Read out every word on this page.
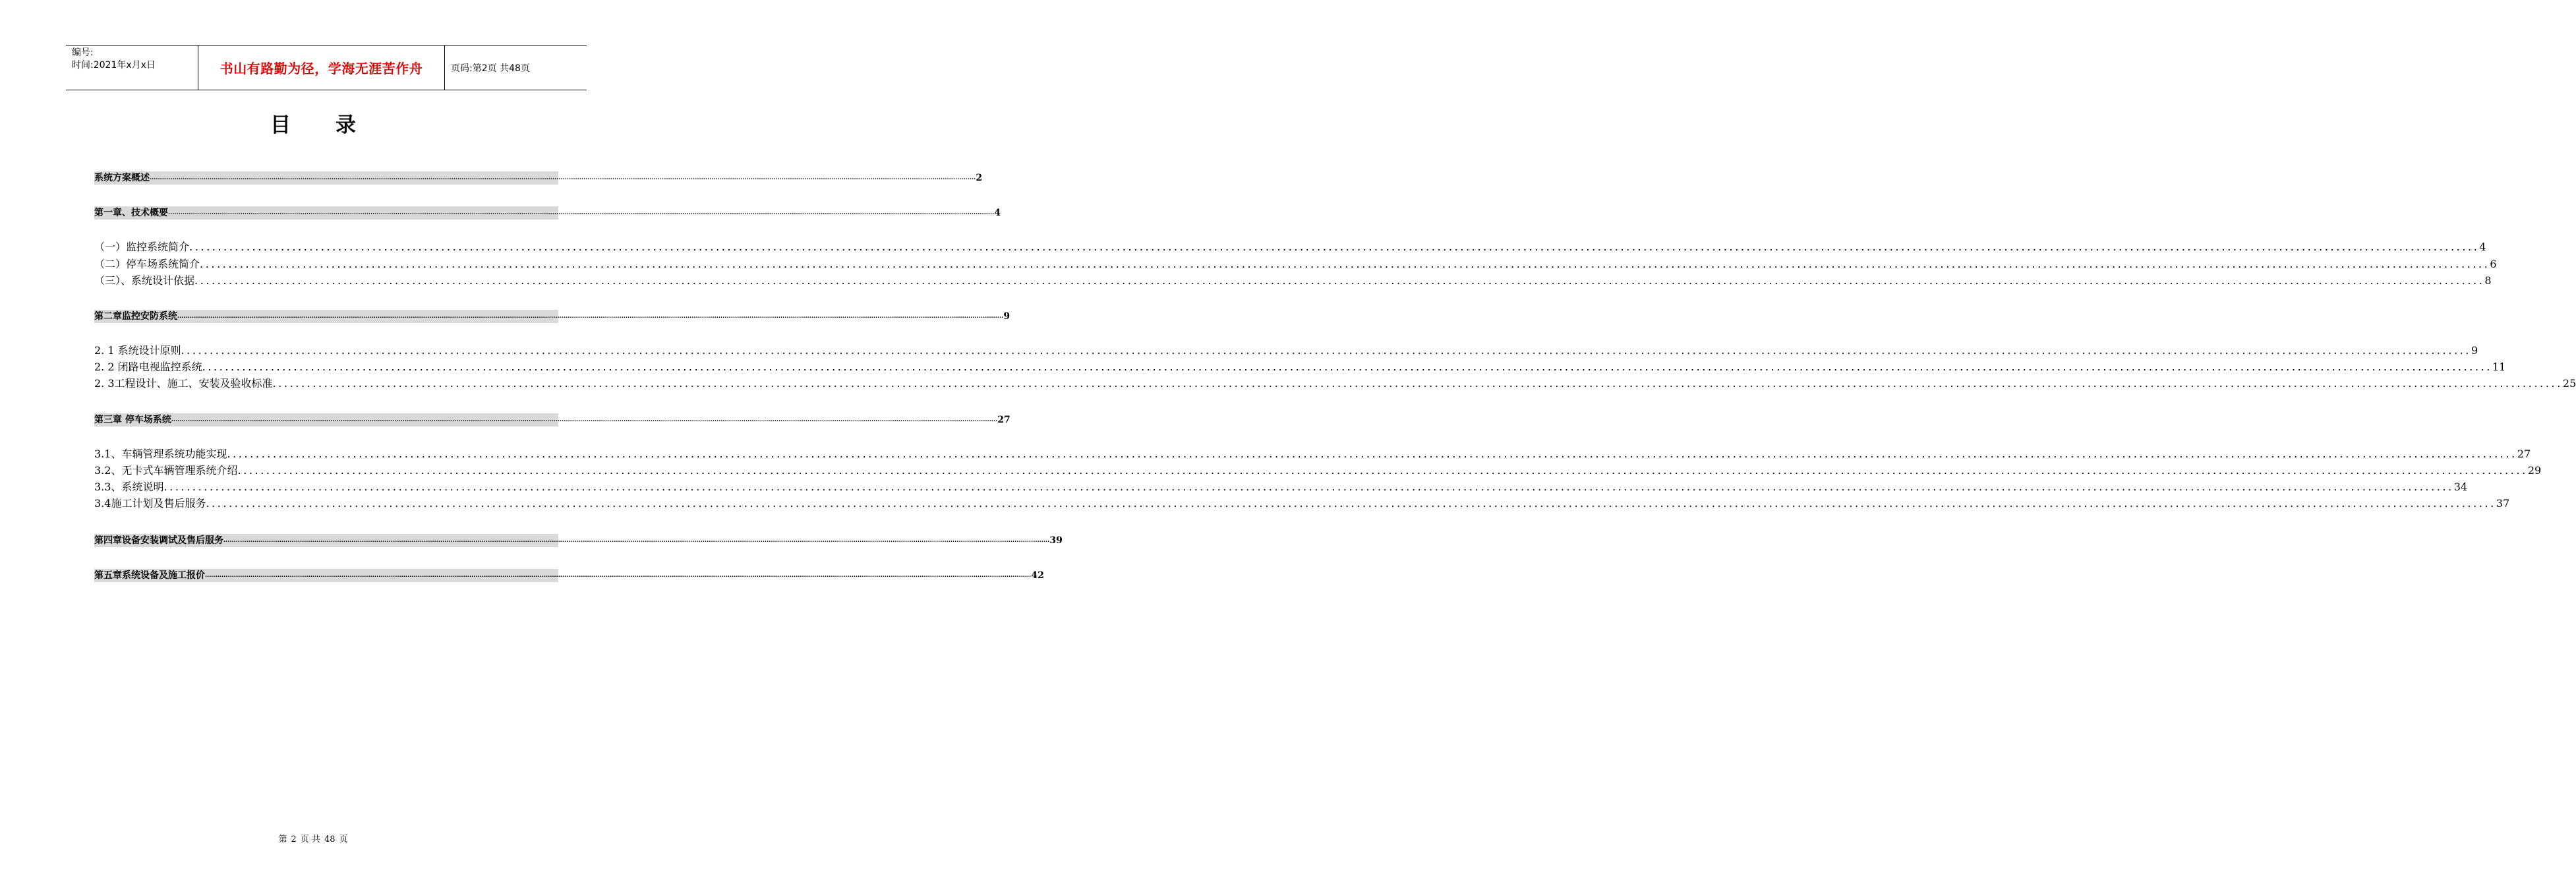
编号:
时间:2021年x月x日	书山有路勤为径，学海无涯苦作舟	页码:第2页 共48页
目录
系统方案概述 ................................................................................................................................................................................................................................................................................................................................................................................................................ 2
第一章、技术概要 ................................................................................................................................................................................................................................................................................................................................................................................................................ 4
（一）监控系统简介 ................................................................................................................................................................................................................................................................................................................................................................................................................ 4
（二）停车场系统简介 ................................................................................................................................................................................................................................................................................................................................................................................................................ 6
（三）、系统设计依据 ................................................................................................................................................................................................................................................................................................................................................................................................................ 8
第二章监控安防系统 ................................................................................................................................................................................................................................................................................................................................................................................................................ 9
2. 1 系统设计原则 ................................................................................................................................................................................................................................................................................................................................................................................................................ 9
2. 2 闭路电视监控系统 ................................................................................................................................................................................................................................................................................................................................................................................................................ 11
2. 3工程设计、施工、安装及验收标准 ................................................................................................................................................................................................................................................................................................................................................................................................................ 25
第三章 停车场系统 ................................................................................................................................................................................................................................................................................................................................................................................................................ 27
3.1、车辆管理系统功能实现 ................................................................................................................................................................................................................................................................................................................................................................................................................ 27
3.2、无卡式车辆管理系统介绍 ................................................................................................................................................................................................................................................................................................................................................................................................................ 29
3.3、系统说明 ................................................................................................................................................................................................................................................................................................................................................................................................................ 34
3.4施工计划及售后服务 ................................................................................................................................................................................................................................................................................................................................................................................................................ 37
第四章设备安装调试及售后服务 ................................................................................................................................................................................................................................................................................................................................................................................................................ 39
第五章系统设备及施工报价 ................................................................................................................................................................................................................................................................................................................................................................................................................ 42
第 2 页 共 48 页
